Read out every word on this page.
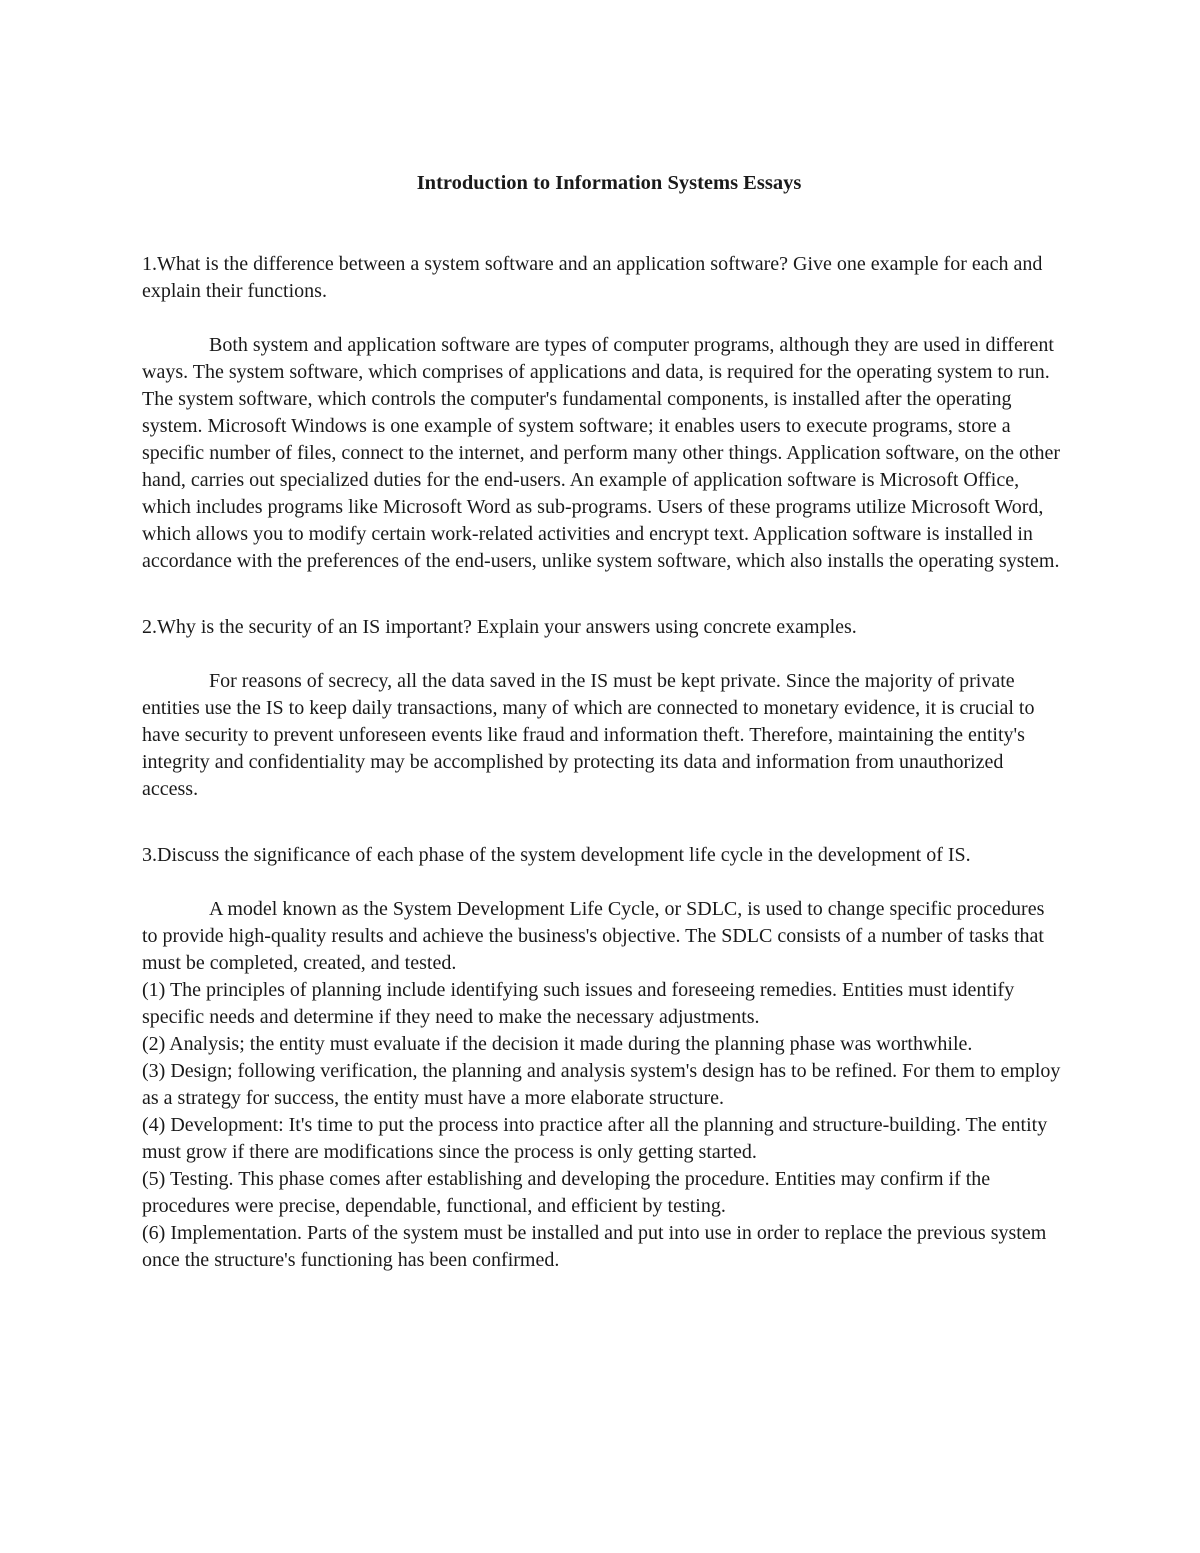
Introduction to Information Systems Essays

1.What is the difference between a system software and an application software? Give one example for each and explain their functions.

Both system and application software are types of computer programs, although they are used in different ways. The system software, which comprises of applications and data, is required for the operating system to run. The system software, which controls the computer's fundamental components, is installed after the operating system. Microsoft Windows is one example of system software; it enables users to execute programs, store a specific number of files, connect to the internet, and perform many other things. Application software, on the other hand, carries out specialized duties for the end-users. An example of application software is Microsoft Office, which includes programs like Microsoft Word as sub-programs. Users of these programs utilize Microsoft Word, which allows you to modify certain work-related activities and encrypt text. Application software is installed in accordance with the preferences of the end-users, unlike system software, which also installs the operating system.

2.Why is the security of an IS important? Explain your answers using concrete examples.

For reasons of secrecy, all the data saved in the IS must be kept private. Since the majority of private entities use the IS to keep daily transactions, many of which are connected to monetary evidence, it is crucial to have security to prevent unforeseen events like fraud and information theft. Therefore, maintaining the entity's integrity and confidentiality may be accomplished by protecting its data and information from unauthorized access.

3.Discuss the significance of each phase of the system development life cycle in the development of IS.

A model known as the System Development Life Cycle, or SDLC, is used to change specific procedures to provide high-quality results and achieve the business's objective. The SDLC consists of a number of tasks that must be completed, created, and tested.

(1) The principles of planning include identifying such issues and foreseeing remedies. Entities must identify specific needs and determine if they need to make the necessary adjustments.
(2) Analysis; the entity must evaluate if the decision it made during the planning phase was worthwhile.
(3) Design; following verification, the planning and analysis system's design has to be refined. For them to employ as a strategy for success, the entity must have a more elaborate structure.
(4) Development: It's time to put the process into practice after all the planning and structure-building. The entity must grow if there are modifications since the process is only getting started.
(5) Testing. This phase comes after establishing and developing the procedure. Entities may confirm if the procedures were precise, dependable, functional, and efficient by testing.
(6) Implementation. Parts of the system must be installed and put into use in order to replace the previous system once the structure's functioning has been confirmed.
